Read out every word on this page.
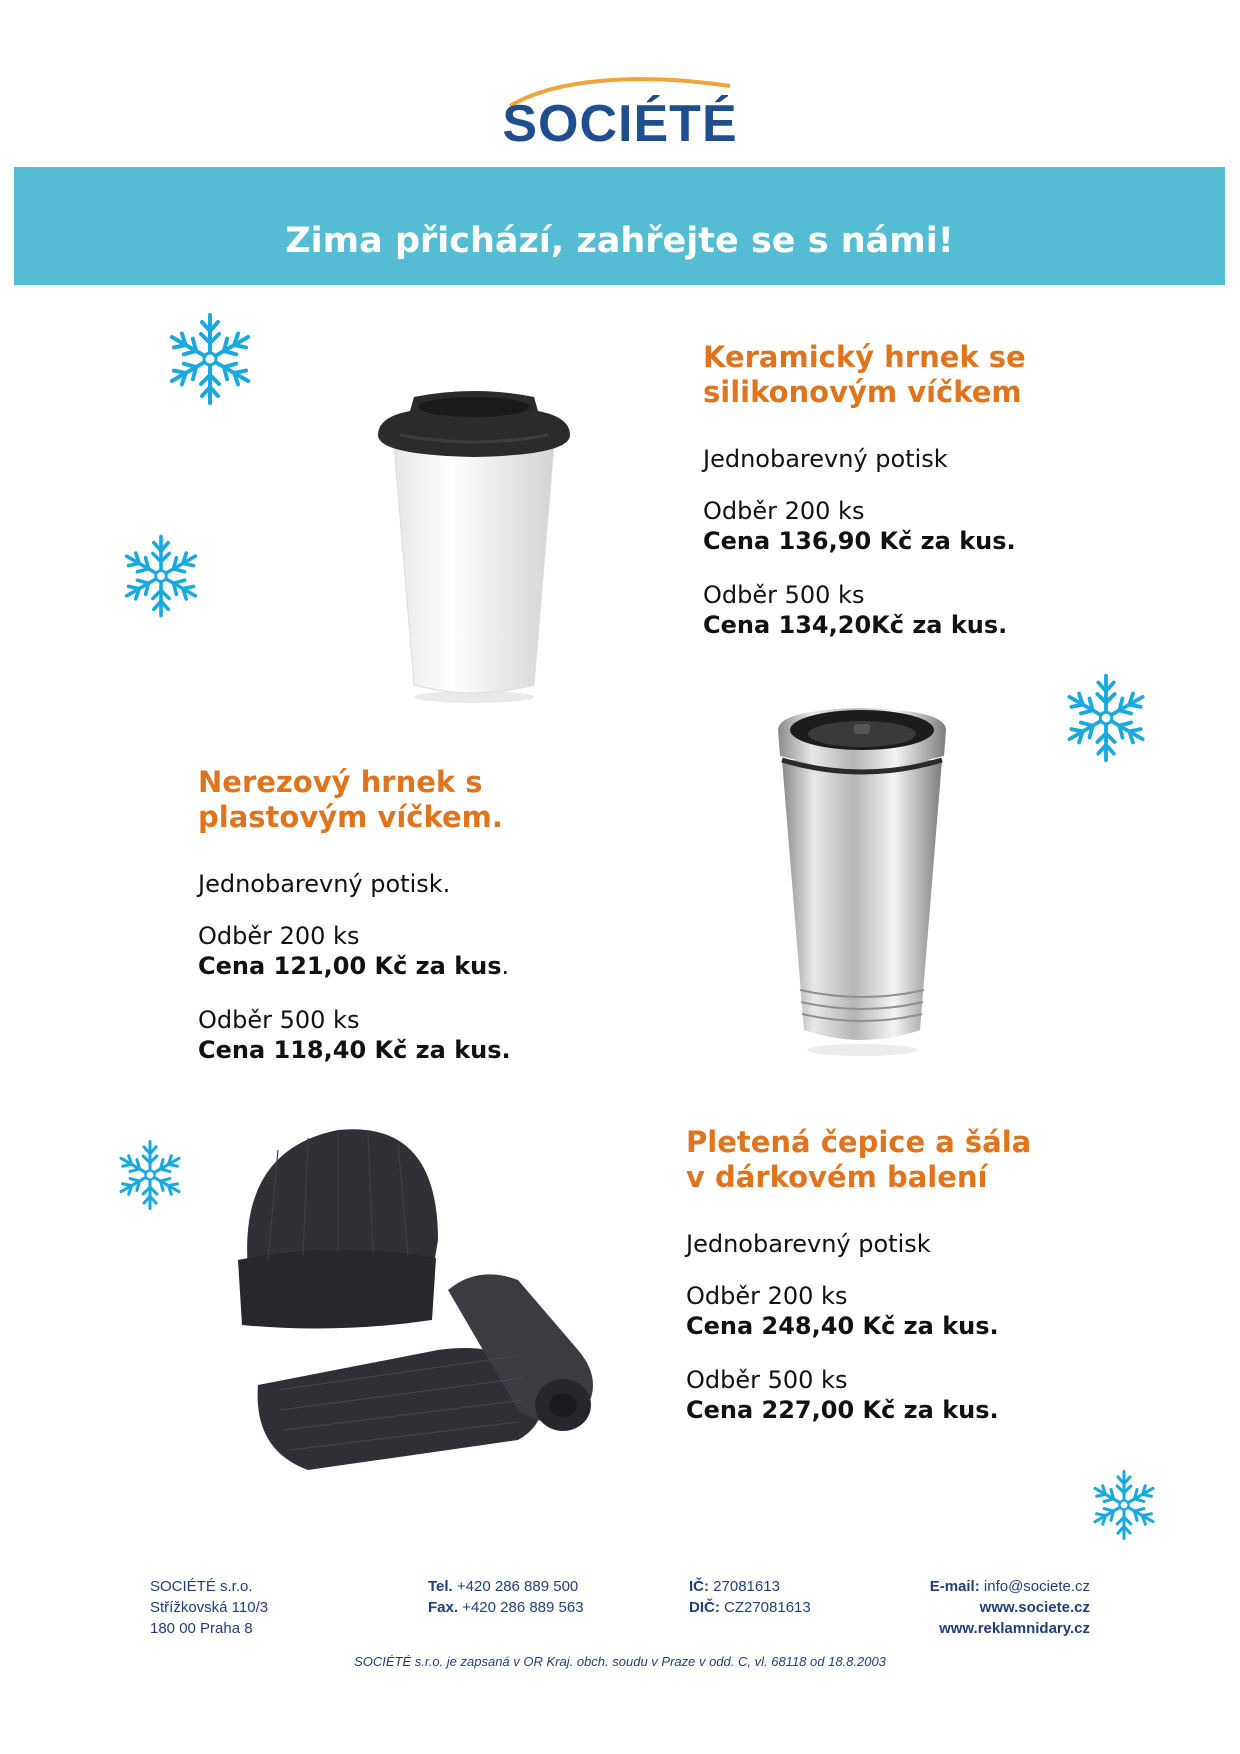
SOCIÉTÉ
Zima přichází, zahřejte se s námi!

Keramický hrnek se

silikonovým víčkem

Jednobarevný potisk

Odběr 200 ks

Cena 136,90 Kč za kus.

Odběr 500 ks

Cena 134,20Kč za kus.

Nerezový hrnek s

plastovým víčkem.

Jednobarevný potisk.

Odběr 200 ks

Cena 121,00 Kč za kus.

Odběr 500 ks

Cena 118,40 Kč za kus.

Pletená čepice a šála

v dárkovém balení

Jednobarevný potisk

Odběr 200 ks

Cena 248,40 Kč za kus.

Odběr 500 ks

Cena 227,00 Kč za kus.

SOCIÉTÉ s.r.o.
Střížkovská 110/3
180 00 Praha 8
Tel. +420 286 889 500
Fax. +420 286 889 563
IČ: 27081613
DIČ: CZ27081613
E-mail: info@societe.cz
www.societe.cz
www.reklamnidary.cz
SOCIÉTÉ s.r.o. je zapsaná v OR Kraj. obch. soudu v Praze v odd. C, vl. 68118 od 18.8.2003
